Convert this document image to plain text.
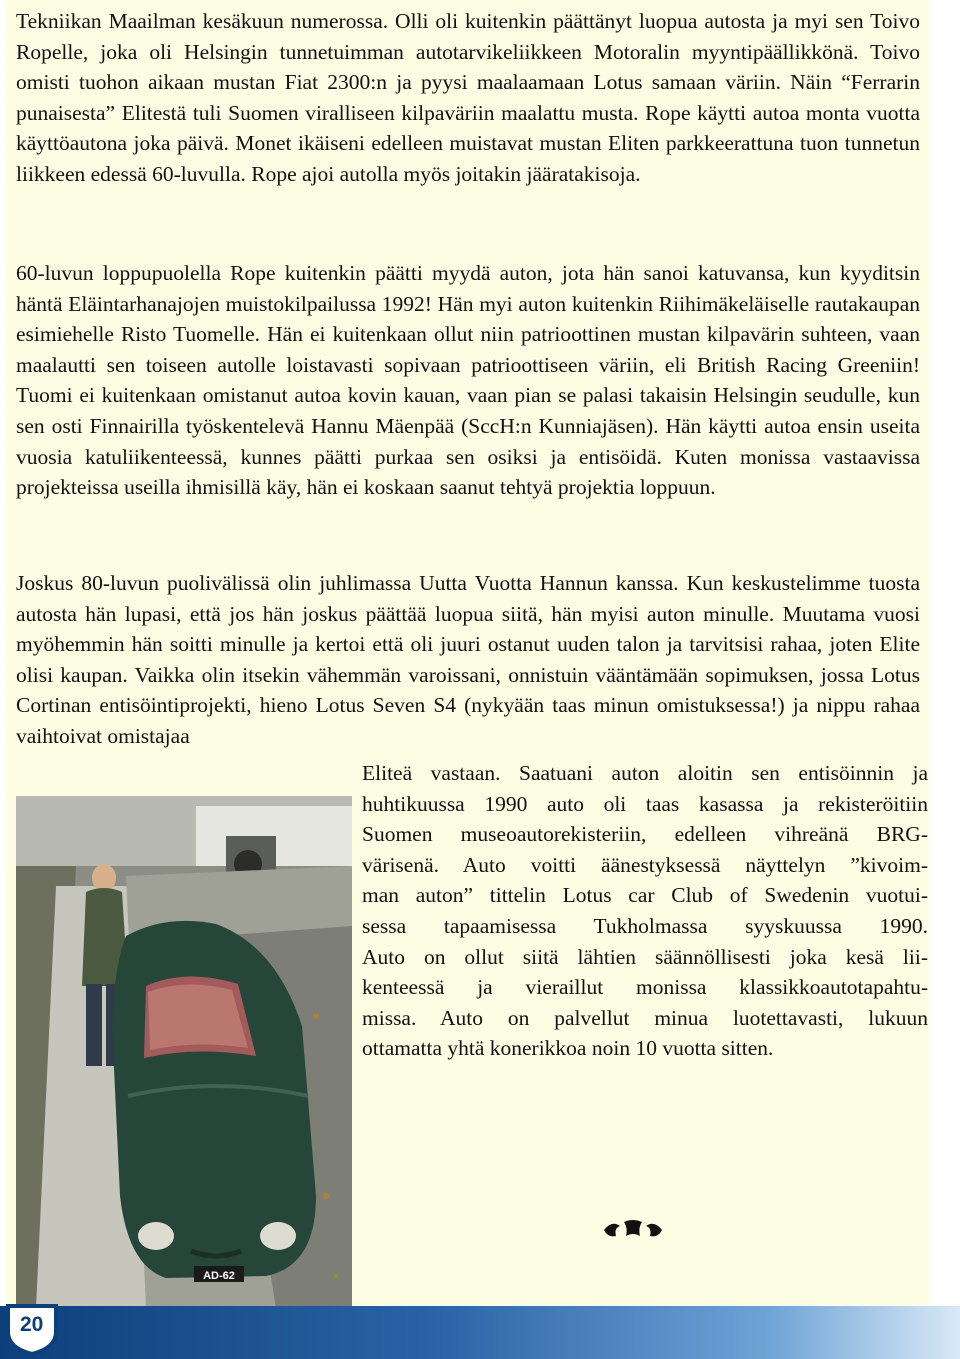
Tekniikan Maailman kesäkuun numerossa. Olli oli kuitenkin päättänyt luopua autosta ja myi sen Toivo Ropelle, joka oli Helsingin tunnetuimman autotarvikeliikkeen Motoralin myyntipäällikkönä. Toivo omisti tuohon aikaan mustan Fiat 2300:n ja pyysi maalaamaan Lotus samaan väriin. Näin “Ferrarin punaisesta” Elitestä tuli Suomen viralliseen kilpaväriin maalattu musta. Rope käytti autoa monta vuotta käyttöautona joka päivä. Monet ikäiseni edelleen muistavat mustan Eliten parkkeerattuna tuon tunnetun liikkeen edessä 60-luvulla. Rope ajoi autolla myös joitakin jääratakisoja.

60-luvun loppupuolella Rope kuitenkin päätti myydä auton, jota hän sanoi katuvansa, kun kyyditsin häntä Eläintarhanajojen muistokilpailussa 1992! Hän myi auton kuitenkin Riihimäkeläiselle rautakaupan esimiehelle Risto Tuomelle. Hän ei kuitenkaan ollut niin patrioottinen mustan kilpavärin suhteen, vaan maalautti sen toiseen autolle loistavasti sopivaan patrioottiseen väriin, eli British Racing Greeniin! Tuomi ei kuitenkaan omistanut autoa kovin kauan, vaan pian se palasi takaisin Helsingin seudulle, kun sen osti Finnairilla työskentelevä Hannu Mäenpää (SccH:n Kunniajäsen). Hän käytti autoa ensin useita vuosia katuliikenteessä, kunnes päätti purkaa sen osiksi ja entisöidä. Kuten monissa vastaavissa projekteissa useilla ihmisillä käy, hän ei koskaan saanut tehtyä projektia loppuun.

Joskus 80-luvun puolivälissä olin juhlimassa Uutta Vuotta Hannun kanssa. Kun keskustelimme tuosta autosta hän lupasi, että jos hän joskus päättää luopua siitä, hän myisi auton minulle. Muutama vuosi myöhemmin hän soitti minulle ja kertoi että oli juuri ostanut uuden talon ja tarvitsisi rahaa, joten Elite olisi kaupan. Vaikka olin itsekin vähemmän varoissani, onnistuin vääntämään sopimuksen, jossa Lotus Cortinan entisöintiprojekti, hieno Lotus Seven S4 (nykyään taas minun omistuksessa!) ja nippu rahaa vaihtoivat omistajaa

Eliteä vastaan. Saatuani auton aloitin sen entisöinnin ja
huhtikuussa 1990 auto oli taas kasassa ja rekisteröitiin
Suomen museoautorekisteriin, edelleen vihreänä BRG-
värisenä. Auto voitti äänestyksessä näyttelyn ”kivoim-
man auton” tittelin Lotus car Club of Swedenin vuotui-
sessa tapaamisessa Tukholmassa syyskuussa 1990.
Auto on ollut siitä lähtien säännöllisesti joka kesä lii-
kenteessä ja vieraillut monissa klassikkoautotapahtu-
missa. Auto on palvellut minua luotettavasti, lukuun
ottamatta yhtä konerikkoa noin 10 vuotta sitten.

AD-62
20
